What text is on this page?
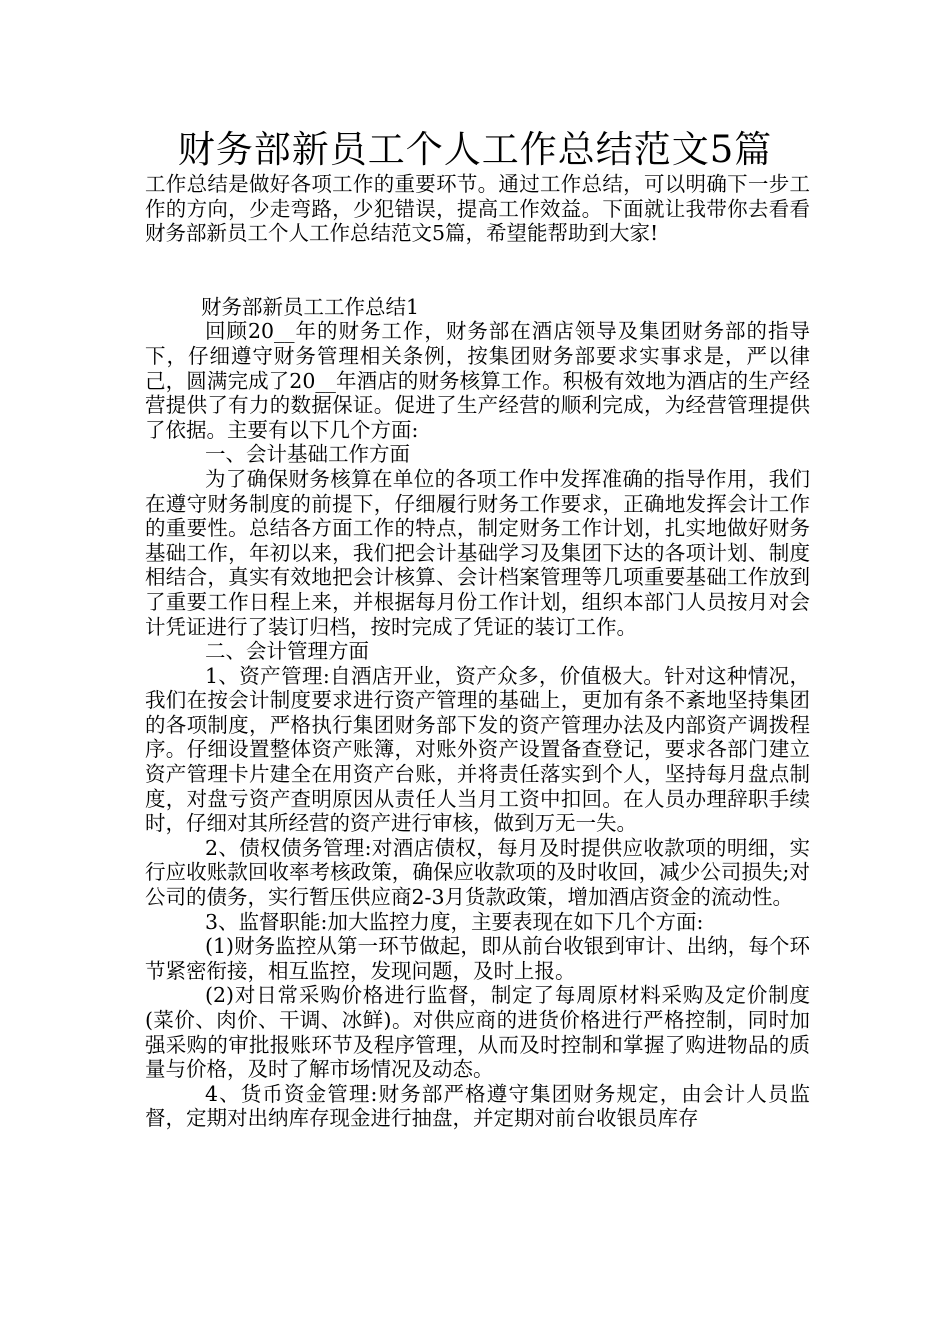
财务部新员工个人工作总结范文5篇

工作总结是做好各项工作的重要环节。通过工作总结，可以明确下一步工作的方向，少走弯路，少犯错误，提高工作效益。下面就让我带你去看看财务部新员工个人工作总结范文5篇，希望能帮助到大家!

财务部新员工工作总结1

回顾20__年的财务工作，财务部在酒店领导及集团财务部的指导下，仔细遵守财务管理相关条例，按集团财务部要求实事求是，严以律己，圆满完成了20__年酒店的财务核算工作。积极有效地为酒店的生产经营提供了有力的数据保证。促进了生产经营的顺利完成，为经营管理提供了依据。主要有以下几个方面:

一、会计基础工作方面

为了确保财务核算在单位的各项工作中发挥准确的指导作用，我们在遵守财务制度的前提下，仔细履行财务工作要求，正确地发挥会计工作的重要性。总结各方面工作的特点，制定财务工作计划，扎实地做好财务基础工作，年初以来，我们把会计基础学习及集团下达的各项计划、制度相结合，真实有效地把会计核算、会计档案管理等几项重要基础工作放到了重要工作日程上来，并根据每月份工作计划，组织本部门人员按月对会计凭证进行了装订归档，按时完成了凭证的装订工作。

二、会计管理方面

1、资产管理:自酒店开业，资产众多，价值极大。针对这种情况，我们在按会计制度要求进行资产管理的基础上，更加有条不紊地坚持集团的各项制度，严格执行集团财务部下发的资产管理办法及内部资产调拨程序。仔细设置整体资产账簿，对账外资产设置备查登记，要求各部门建立资产管理卡片建全在用资产台账，并将责任落实到个人，坚持每月盘点制度，对盘亏资产查明原因从责任人当月工资中扣回。在人员办理辞职手续时，仔细对其所经营的资产进行审核，做到万无一失。

2、债权债务管理:对酒店债权，每月及时提供应收款项的明细，实行应收账款回收率考核政策，确保应收款项的及时收回，减少公司损失;对公司的债务，实行暂压供应商2-3月货款政策，增加酒店资金的流动性。

3、监督职能:加大监控力度，主要表现在如下几个方面:

(1)财务监控从第一环节做起，即从前台收银到审计、出纳，每个环节紧密衔接，相互监控，发现问题，及时上报。

(2)对日常采购价格进行监督，制定了每周原材料采购及定价制度(菜价、肉价、干调、冰鲜)。对供应商的进货价格进行严格控制，同时加强采购的审批报账环节及程序管理，从而及时控制和掌握了购进物品的质量与价格，及时了解市场情况及动态。

4、货币资金管理:财务部严格遵守集团财务规定，由会计人员监督，定期对出纳库存现金进行抽盘，并定期对前台收银员库存
